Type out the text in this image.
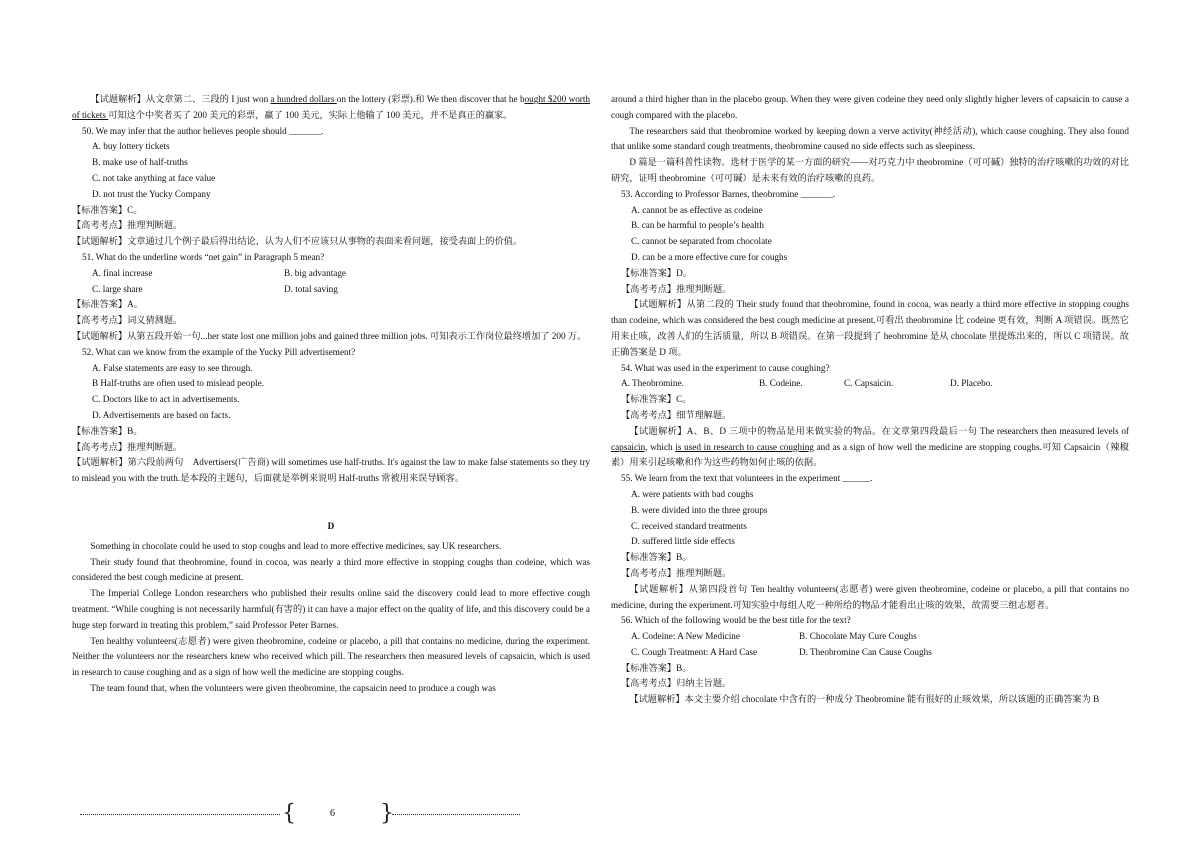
【试题解析】从文章第二、三段的 I just won a hundred dollars on the lottery (彩票).和 We then discover that he bought $200 worth of tickets 可知这个中奖者买了 200 美元的彩票，赢了 100 美元，实际上他输了 100 美元，并不是真正的赢家。

50. We may infer that the author believes people should _______.
A. buy lottery tickets
B. make use of half-truths
C. not take anything at face value
D. not trust the Yucky Company
【标准答案】C。
【高考考点】推理判断题。
【试题解析】文章通过几个例子最后得出结论，认为人们不应该只从事物的表面来看问题，接受表面上的价值。
51. What do the underline words “net gain” in Paragraph 5 mean?
A. final increase	B. big advantage
C. large share	D. total saving
【标准答案】A。
【高考考点】词义猜测题。
【试题解析】从第五段开始一句...her state lost one million jobs and gained three million jobs. 可知表示工作岗位最终增加了 200 万。
52. What can we know from the example of the Yucky Pill advertisement?
A. False statements are easy to see through.
B Half-truths are often used to mislead people.
C. Doctors like to act in advertisements.
D. Advertisements are based on facts.
【标准答案】B。
【高考考点】推理判断题。
【试题解析】第六段前两句　Advertisers(广告商) will sometimes use half-truths. It's against the law to make false statements so they try to mislead you with the truth.是本段的主题句，后面就是举例来说明 Half-truths 常被用来误导顾客。
D

Something in chocolate could be used to stop coughs and lead to more effective medicines, say UK researchers.

Their study found that theobromine, found in cocoa, was nearly a third more effective in stopping coughs than codeine, which was considered the best cough medicine at present.

The Imperial College London researchers who published their results online said the discovery could lead to more effective cough treatment. “While coughing is not necessarily harmful(有害的) it can have a major effect on the quality of life, and this discovery could be a huge step forward in treating this problem,” said Professor Peter Barnes.

Ten healthy volunteers(志愿者) were given theobromine, codeine or placebo, a pill that contains no medicine, during the experiment. Neither the volunteers nor the researchers knew who received which pill. The researchers then measured levels of capsaicin, which is used in research to cause coughing and as a sign of how well the medicine are stopping coughs.

The team found that, when the volunteers were given theobromine, the capsaicin need to produce a cough was

around a third higher than in the placebo group. When they were given codeine they need only slightly higher levers of capsaicin to cause a cough compared with the placebo.

The researchers said that theobromine worked by keeping down a verve activity(神经活动), which cause coughing. They also found that unlike some standard cough treatments, theobromine caused no side effects such as sleepiness.

D 篇是一篇科普性读物。选材于医学的某一方面的研究——对巧克力中 theobromine（可可碱）独特的治疗咳嗽的功效的对比研究，证明 theobromine（可可碱）是未来有效的治疗咳嗽的良药。

53. According to Professor Barnes, theobromine _______.
A. cannot be as effective as codeine
B. can be harmful to people’s health
C. cannot be separated from chocolate
D. can be a more effective cure for coughs
【标准答案】D。
【高考考点】推理判断题。
【试题解析】从第二段的 Their study found that theobromine, found in cocoa, was nearly a third more effective in stopping coughs than codeine, which was considered the best cough medicine at present.可看出 theobromine 比 codeine 更有效，判断 A 项错误。既然它用来止咳，改善人们的生活质量，所以 B 项错误。在第一段提到了 heobromine 是从 chocolate 里提炼出来的，所以 C 项错误。故正确答案是 D 项。
54. What was used in the experiment to cause coughing?
A. Theobromine.	B. Codeine.	C. Capsaicin.	D. Placebo.
【标准答案】C。
【高考考点】细节理解题。
【试题解析】A、B、D 三项中的物品是用来做实验的物品。在文章第四段最后一句 The researchers then measured levels of capsaicin, which is used in research to cause coughing and as a sign of how well the medicine are stopping coughs.可知 Capsaicin（辣椒素）用来引起咳嗽和作为这些药物如何止咳的依据。
55. We learn from the text that volunteers in the experiment ______.
A. were patients with bad coughs
B. were divided into the three groups
C. received standard treatments
D. suffered little side effects
【标准答案】B。
【高考考点】推理判断题。
【试题解析】从第四段首句 Ten healthy volunteers(志愿者) were given theobromine, codeine or placebo, a pill that contains no medicine, during the experiment.可知实验中每组人吃一种所给的物品才能看出止咳的效果，故需要三组志愿者。
56. Which of the following would be the best title for the text?
A. Codeine: A New Medicine	B. Chocolate May Cure Coughs
C. Cough Treatment: A Hard Case	D. Theobromine Can Cause Coughs
【标准答案】B。
【高考考点】归纳主旨题。
【试题解析】本文主要介绍 chocolate 中含有的一种成分 Theobromine 能有很好的止咳效果，所以该题的正确答案为 B
{	6 }
